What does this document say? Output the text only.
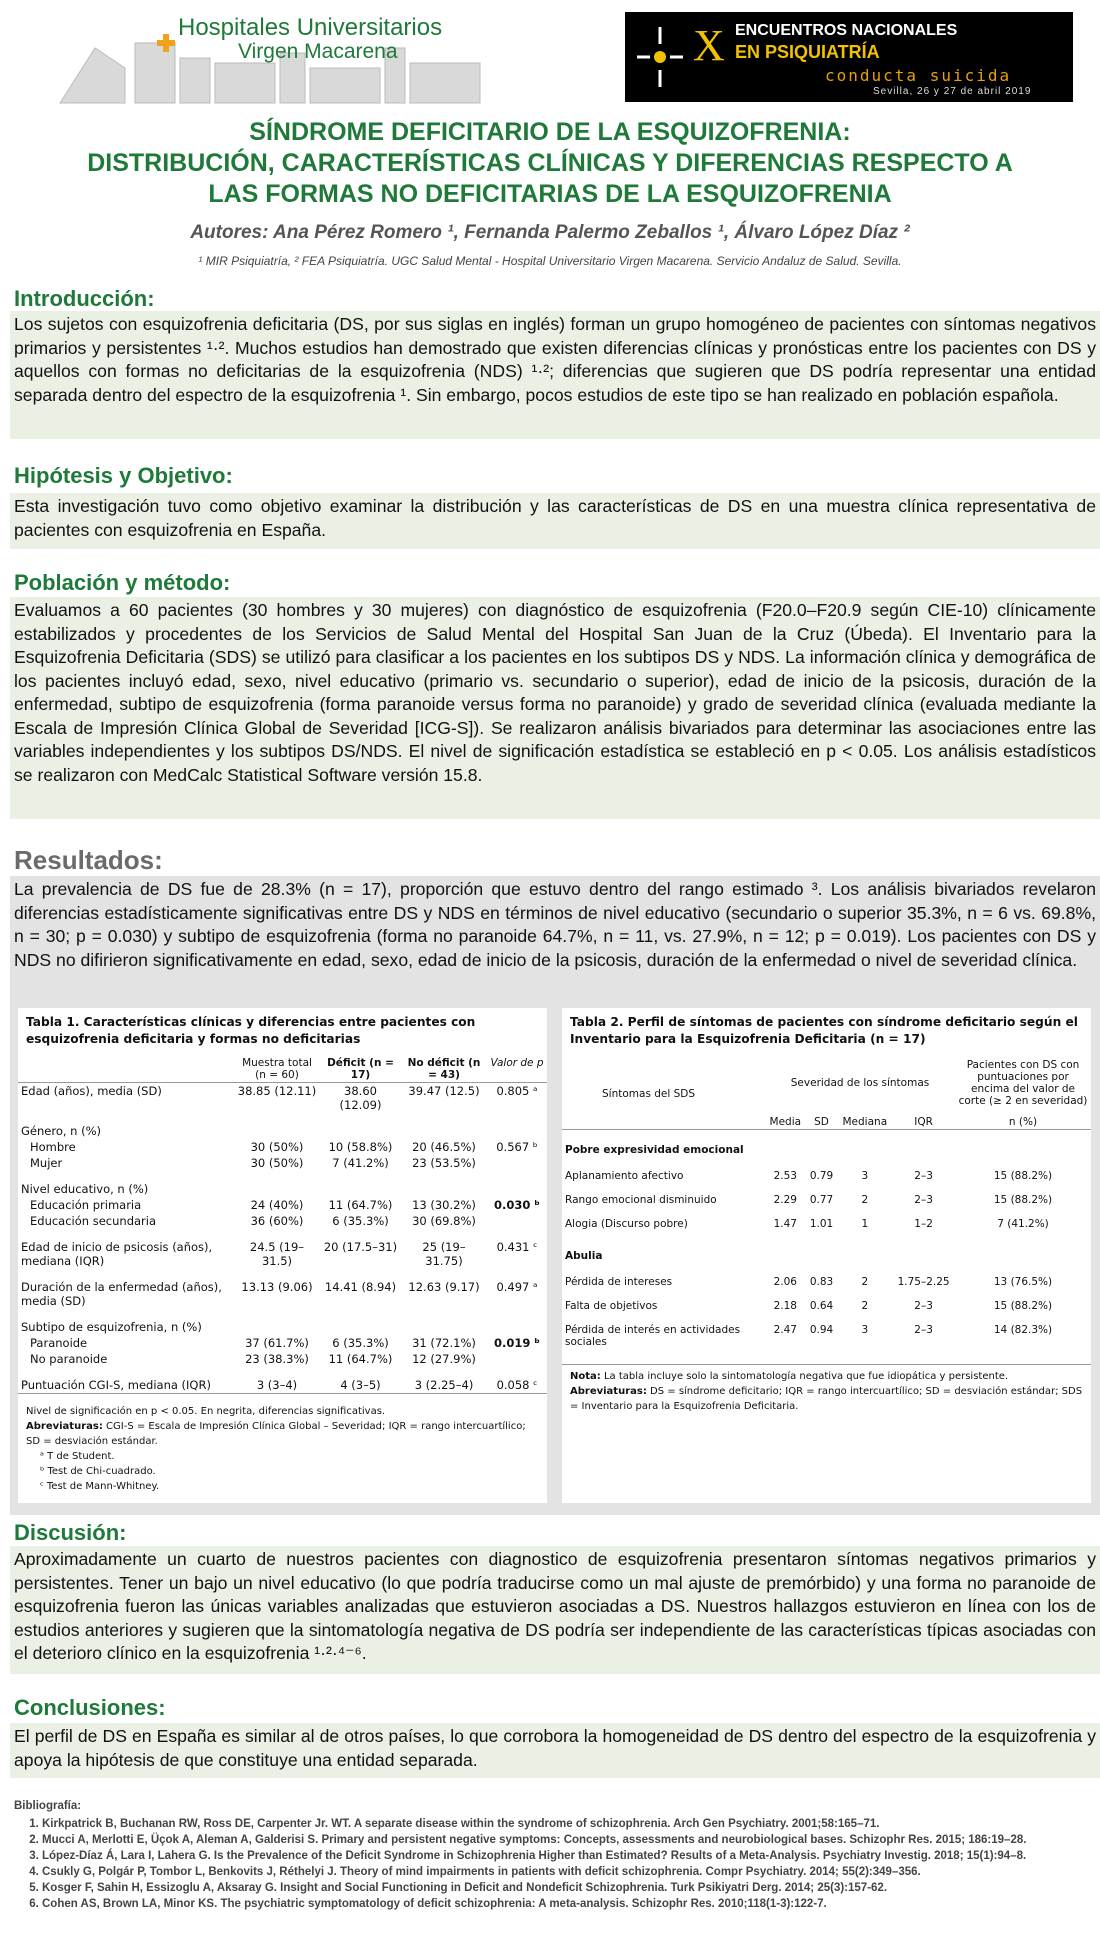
Hospitales Universitarios
Virgen Macarena	X ENCUENTROS NACIONALES
EN PSIQUIATRÍA
conducta suicida
Sevilla, 26 y 27 de abril 2019
SÍNDROME DEFICITARIO DE LA ESQUIZOFRENIA:
DISTRIBUCIÓN, CARACTERÍSTICAS CLÍNICAS Y DIFERENCIAS RESPECTO A
LAS FORMAS NO DEFICITARIAS DE LA ESQUIZOFRENIA
Autores: Ana Pérez Romero ¹, Fernanda Palermo Zeballos ¹, Álvaro López Díaz ²
¹ MIR Psiquiatría, ² FEA Psiquiatría. UGC Salud Mental - Hospital Universitario Virgen Macarena. Servicio Andaluz de Salud. Sevilla.
Introducción:
Los sujetos con esquizofrenia deficitaria (DS, por sus siglas en inglés) forman un grupo homogéneo de pacientes con síntomas negativos primarios y persistentes ¹·². Muchos estudios han demostrado que existen diferencias clínicas y pronósticas entre los pacientes con DS y aquellos con formas no deficitarias de la esquizofrenia (NDS) ¹·²; diferencias que sugieren que DS podría representar una entidad separada dentro del espectro de la esquizofrenia ¹. Sin embargo, pocos estudios de este tipo se han realizado en población española.
Hipótesis y Objetivo:
Esta investigación tuvo como objetivo examinar la distribución y las características de DS en una muestra clínica representativa de pacientes con esquizofrenia en España.
Población y método:
Evaluamos a 60 pacientes (30 hombres y 30 mujeres) con diagnóstico de esquizofrenia (F20.0–F20.9 según CIE-10) clínicamente estabilizados y procedentes de los Servicios de Salud Mental del Hospital San Juan de la Cruz (Úbeda). El Inventario para la Esquizofrenia Deficitaria (SDS) se utilizó para clasificar a los pacientes en los subtipos DS y NDS. La información clínica y demográfica de los pacientes incluyó edad, sexo, nivel educativo (primario vs. secundario o superior), edad de inicio de la psicosis, duración de la enfermedad, subtipo de esquizofrenia (forma paranoide versus forma no paranoide) y grado de severidad clínica (evaluada mediante la Escala de Impresión Clínica Global de Severidad [ICG-S]). Se realizaron análisis bivariados para determinar las asociaciones entre las variables independientes y los subtipos DS/NDS. El nivel de significación estadística se estableció en p < 0.05. Los análisis estadísticos se realizaron con MedCalc Statistical Software versión 15.8.
Resultados:
La prevalencia de DS fue de 28.3% (n = 17), proporción que estuvo dentro del rango estimado ³. Los análisis bivariados revelaron diferencias estadísticamente significativas entre DS y NDS en términos de nivel educativo (secundario o superior 35.3%, n = 6 vs. 69.8%, n = 30; p = 0.030) y subtipo de esquizofrenia (forma no paranoide 64.7%, n = 11, vs. 27.9%, n = 12; p = 0.019). Los pacientes con DS y NDS no difirieron significativamente en edad, sexo, edad de inicio de la psicosis, duración de la enfermedad o nivel de severidad clínica.
Tabla 1. Características clínicas y diferencias entre pacientes con esquizofrenia deficitaria y formas no deficitarias
	Muestra total (n = 60)	Déficit (n = 17)	No déficit (n = 43)	Valor de p
Edad (años), media (SD)	38.85 (12.11)	38.60 (12.09)	39.47 (12.5)	0.805 ᵃ
Género, n (%)				
Hombre	30 (50%)	10 (58.8%)	20 (46.5%)	0.567 ᵇ
Mujer	30 (50%)	7 (41.2%)	23 (53.5%)	
Nivel educativo, n (%)				
Educación primaria	24 (40%)	11 (64.7%)	13 (30.2%)	0.030 ᵇ
Educación secundaria	36 (60%)	6 (35.3%)	30 (69.8%)	
Edad de inicio de psicosis (años), mediana (IQR)	24.5 (19–31.5)	20 (17.5–31)	25 (19–31.75)	0.431 ᶜ
Duración de la enfermedad (años), media (SD)	13.13 (9.06)	14.41 (8.94)	12.63 (9.17)	0.497 ᵃ
Subtipo de esquizofrenia, n (%)				
Paranoide	37 (61.7%)	6 (35.3%)	31 (72.1%)	0.019 ᵇ
No paranoide	23 (38.3%)	11 (64.7%)	12 (27.9%)	
Puntuación CGI-S, mediana (IQR)	3 (3–4)	4 (3–5)	3 (2.25–4)	0.058 ᶜ
Nivel de significación en p < 0.05. En negrita, diferencias significativas.
Abreviaturas: CGI-S = Escala de Impresión Clínica Global – Severidad; IQR = rango intercuartílico; SD = desviación estándar.
ᵃ T de Student.
ᵇ Test de Chi-cuadrado.
ᶜ Test de Mann-Whitney.
Tabla 2. Perfil de síntomas de pacientes con síndrome deficitario según el Inventario para la Esquizofrenia Deficitaria (n = 17)
Síntomas del SDS	Severidad de los síntomas				Pacientes con DS con puntuaciones por encima del valor de corte (≥ 2 en severidad)
	Media	SD	Mediana	IQR	n (%)
Pobre expresividad emocional					
Aplanamiento afectivo	2.53	0.79	3	2–3	15 (88.2%)
Rango emocional disminuido	2.29	0.77	2	2–3	15 (88.2%)
Alogia (Discurso pobre)	1.47	1.01	1	1–2	7 (41.2%)
Abulia					
Pérdida de intereses	2.06	0.83	2	1.75–2.25	13 (76.5%)
Falta de objetivos	2.18	0.64	2	2–3	15 (88.2%)
Pérdida de interés en actividades sociales	2.47	0.94	3	2–3	14 (82.3%)
Nota: La tabla incluye solo la sintomatología negativa que fue idiopática y persistente.
Abreviaturas: DS = síndrome deficitario; IQR = rango intercuartílico; SD = desviación estándar; SDS = Inventario para la Esquizofrenia Deficitaria.
Discusión:
Aproximadamente un cuarto de nuestros pacientes con diagnostico de esquizofrenia presentaron síntomas negativos primarios y persistentes. Tener un bajo un nivel educativo (lo que podría traducirse como un mal ajuste de premórbido) y una forma no paranoide de esquizofrenia fueron las únicas variables analizadas que estuvieron asociadas a DS. Nuestros hallazgos estuvieron en línea con los de estudios anteriores y sugieren que la sintomatología negativa de DS podría ser independiente de las características típicas asociadas con el deterioro clínico en la esquizofrenia ¹·²·⁴⁻⁶.
Conclusiones:
El perfil de DS en España es similar al de otros países, lo que corrobora la homogeneidad de DS dentro del espectro de la esquizofrenia y apoya la hipótesis de que constituye una entidad separada.
Bibliografía:
1. Kirkpatrick B, Buchanan RW, Ross DE, Carpenter Jr. WT. A separate disease within the syndrome of schizophrenia. Arch Gen Psychiatry. 2001;58:165–71.
2. Mucci A, Merlotti E, Üçok A, Aleman A, Galderisi S. Primary and persistent negative symptoms: Concepts, assessments and neurobiological bases. Schizophr Res. 2015; 186:19–28.
3. López-Díaz Á, Lara I, Lahera G. Is the Prevalence of the Deficit Syndrome in Schizophrenia Higher than Estimated? Results of a Meta-Analysis. Psychiatry Investig. 2018; 15(1):94–8.
4. Csukly G, Polgár P, Tombor L, Benkovits J, Réthelyi J. Theory of mind impairments in patients with deficit schizophrenia. Compr Psychiatry. 2014; 55(2):349–356.
5. Kosger F, Sahin H, Essizoglu A, Aksaray G. Insight and Social Functioning in Deficit and Nondeficit Schizophrenia. Turk Psikiyatri Derg. 2014; 25(3):157-62.
6. Cohen AS, Brown LA, Minor KS. The psychiatric symptomatology of deficit schizophrenia: A meta-analysis. Schizophr Res. 2010;118(1-3):122-7.
